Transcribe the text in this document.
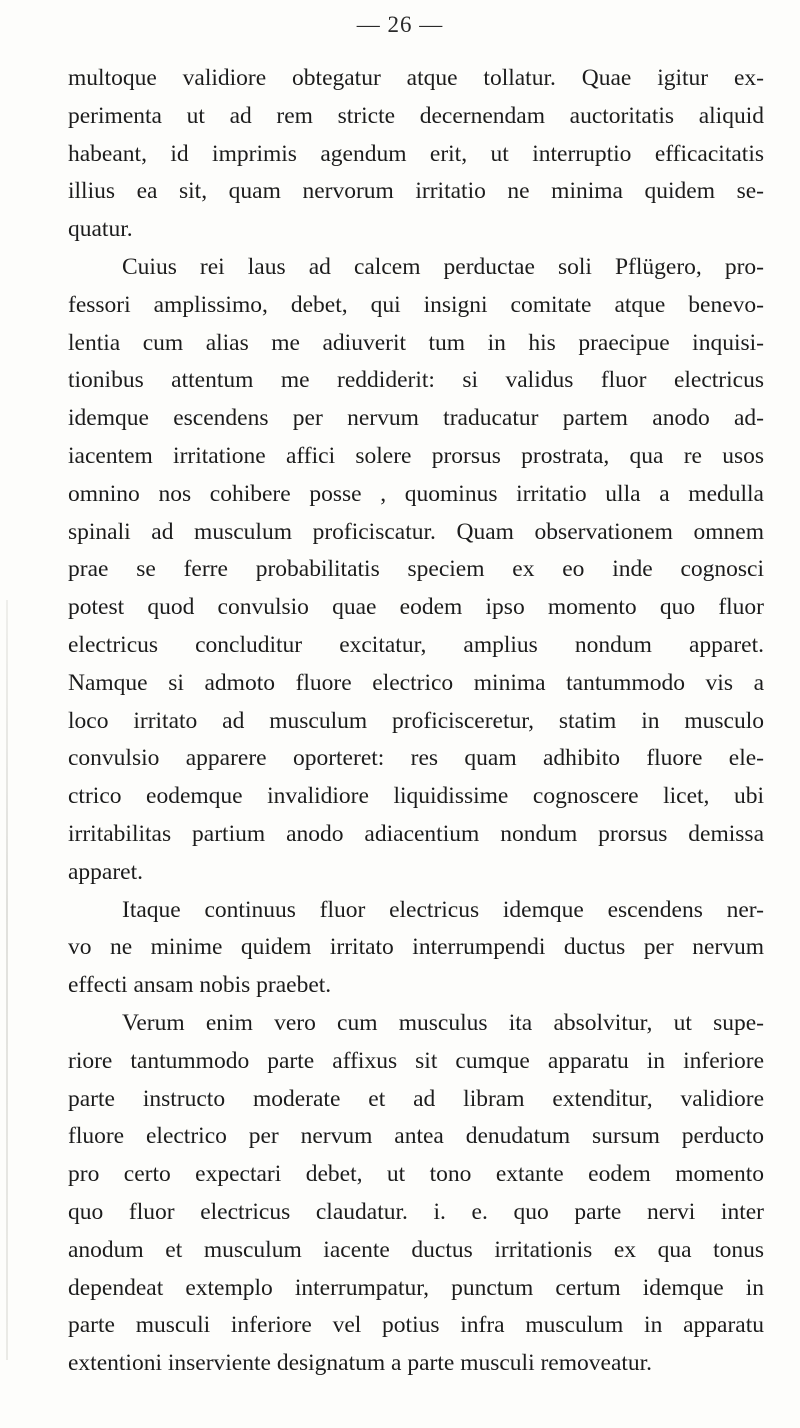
— 26 —
multoque validiore obtegatur atque tollatur. Quae igitur ex-
perimenta ut ad rem stricte decernendam auctoritatis aliquid
habeant, id imprimis agendum erit, ut interruptio efficacitatis
illius ea sit, quam nervorum irritatio ne minima quidem se-
quatur.
Cuius rei laus ad calcem perductae soli Pflügero, pro-
fessori amplissimo, debet, qui insigni comitate atque benevo-
lentia cum alias me adiuverit tum in his praecipue inquisi-
tionibus attentum me reddiderit: si validus fluor electricus
idemque escendens per nervum traducatur partem anodo ad-
iacentem irritatione affici solere prorsus prostrata, qua re usos
omnino nos cohibere posse , quominus irritatio ulla a medulla
spinali ad musculum proficiscatur. Quam observationem omnem
prae se ferre probabilitatis speciem ex eo inde cognosci
potest quod convulsio quae eodem ipso momento quo fluor
electricus concluditur excitatur, amplius nondum apparet.
Namque si admoto fluore electrico minima tantummodo vis a
loco irritato ad musculum proficisceretur, statim in musculo
convulsio apparere oporteret: res quam adhibito fluore ele-
ctrico eodemque invalidiore liquidissime cognoscere licet, ubi
irritabilitas partium anodo adiacentium nondum prorsus demissa
apparet.
Itaque continuus fluor electricus idemque escendens ner-
vo ne minime quidem irritato interrumpendi ductus per nervum
effecti ansam nobis praebet.
Verum enim vero cum musculus ita absolvitur, ut supe-
riore tantummodo parte affixus sit cumque apparatu in inferiore
parte instructo moderate et ad libram extenditur, validiore
fluore electrico per nervum antea denudatum sursum perducto
pro certo expectari debet, ut tono extante eodem momento
quo fluor electricus claudatur. i. e. quo parte nervi inter
anodum et musculum iacente ductus irritationis ex qua tonus
dependeat extemplo interrumpatur, punctum certum idemque in
parte musculi inferiore vel potius infra musculum in apparatu
extentioni inserviente designatum a parte musculi removeatur.
